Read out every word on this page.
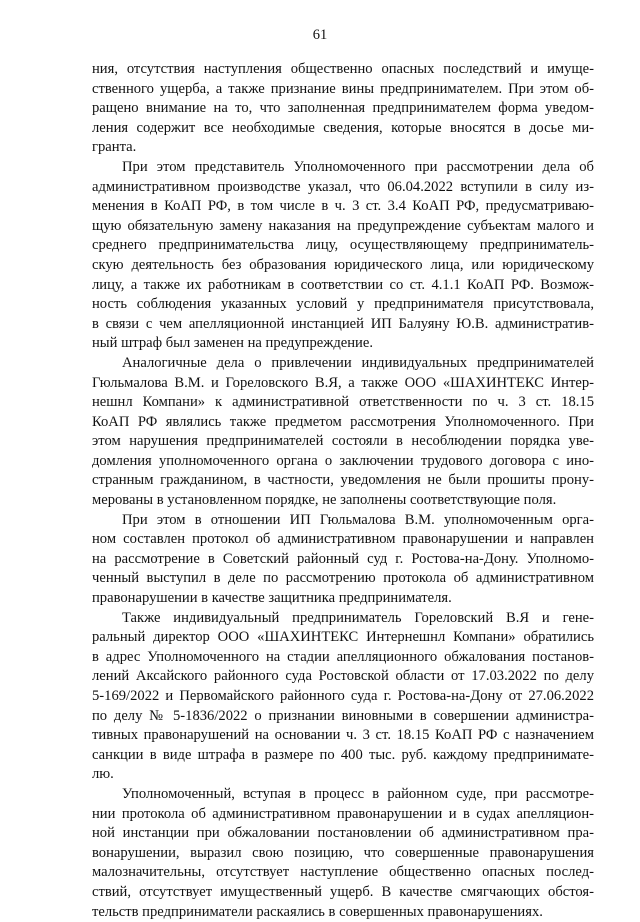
61
ния, отсутствия наступления общественно опасных последствий и имуще-
ственного ущерба, а также признание вины предпринимателем. При этом об-
ращено внимание на то, что заполненная предпринимателем форма уведом-
ления содержит все необходимые сведения, которые вносятся в досье ми-
гранта.
При этом представитель Уполномоченного при рассмотрении дела об
административном производстве указал, что 06.04.2022 вступили в силу из-
менения в КоАП РФ, в том числе в ч. 3 ст. 3.4 КоАП РФ, предусматриваю-
щую обязательную замену наказания на предупреждение субъектам малого и
среднего предпринимательства лицу, осуществляющему предприниматель-
скую деятельность без образования юридического лица, или юридическому
лицу, а также их работникам в соответствии со ст. 4.1.1 КоАП РФ. Возмож-
ность соблюдения указанных условий у предпринимателя присутствовала,
в связи с чем апелляционной инстанцией ИП Балуяну Ю.В. административ-
ный штраф был заменен на предупреждение.
Аналогичные дела о привлечении индивидуальных предпринимателей
Гюльмалова В.М. и Гореловского В.Я, а также ООО «ШАХИНТЕКС Интер-
нешнл Компани» к административной ответственности по ч. 3 ст. 18.15
КоАП РФ являлись также предметом рассмотрения Уполномоченного. При
этом нарушения предпринимателей состояли в несоблюдении порядка уве-
домления уполномоченного органа о заключении трудового договора с ино-
странным гражданином, в частности, уведомления не были прошиты прону-
мерованы в установленном порядке, не заполнены соответствующие поля.
При этом в отношении ИП Гюльмалова В.М. уполномоченным орга-
ном составлен протокол об административном правонарушении и направлен
на рассмотрение в Советский районный суд г. Ростова-на-Дону. Уполномо-
ченный выступил в деле по рассмотрению протокола об административном
правонарушении в качестве защитника предпринимателя.
Также индивидуальный предприниматель Гореловский В.Я и гене-
ральный директор ООО «ШАХИНТЕКС Интернешнл Компани» обратились
в адрес Уполномоченного на стадии апелляционного обжалования постанов-
лений Аксайского районного суда Ростовской области от 17.03.2022 по делу
5-169/2022 и Первомайского районного суда г. Ростова-на-Дону от 27.06.2022
по делу № 5-1836/2022 о признании виновными в совершении администра-
тивных правонарушений на основании ч. 3 ст. 18.15 КоАП РФ с назначением
санкции в виде штрафа в размере по 400 тыс. руб. каждому предпринимате-
лю.
Уполномоченный, вступая в процесс в районном суде, при рассмотре-
нии протокола об административном правонарушении и в судах апелляцион-
ной инстанции при обжаловании постановлении об административном пра-
вонарушении, выразил свою позицию, что совершенные правонарушения
малозначительны, отсутствует наступление общественно опасных послед-
ствий, отсутствует имущественный ущерб. В качестве смягчающих обстоя-
тельств предприниматели раскаялись в совершенных правонарушениях.
